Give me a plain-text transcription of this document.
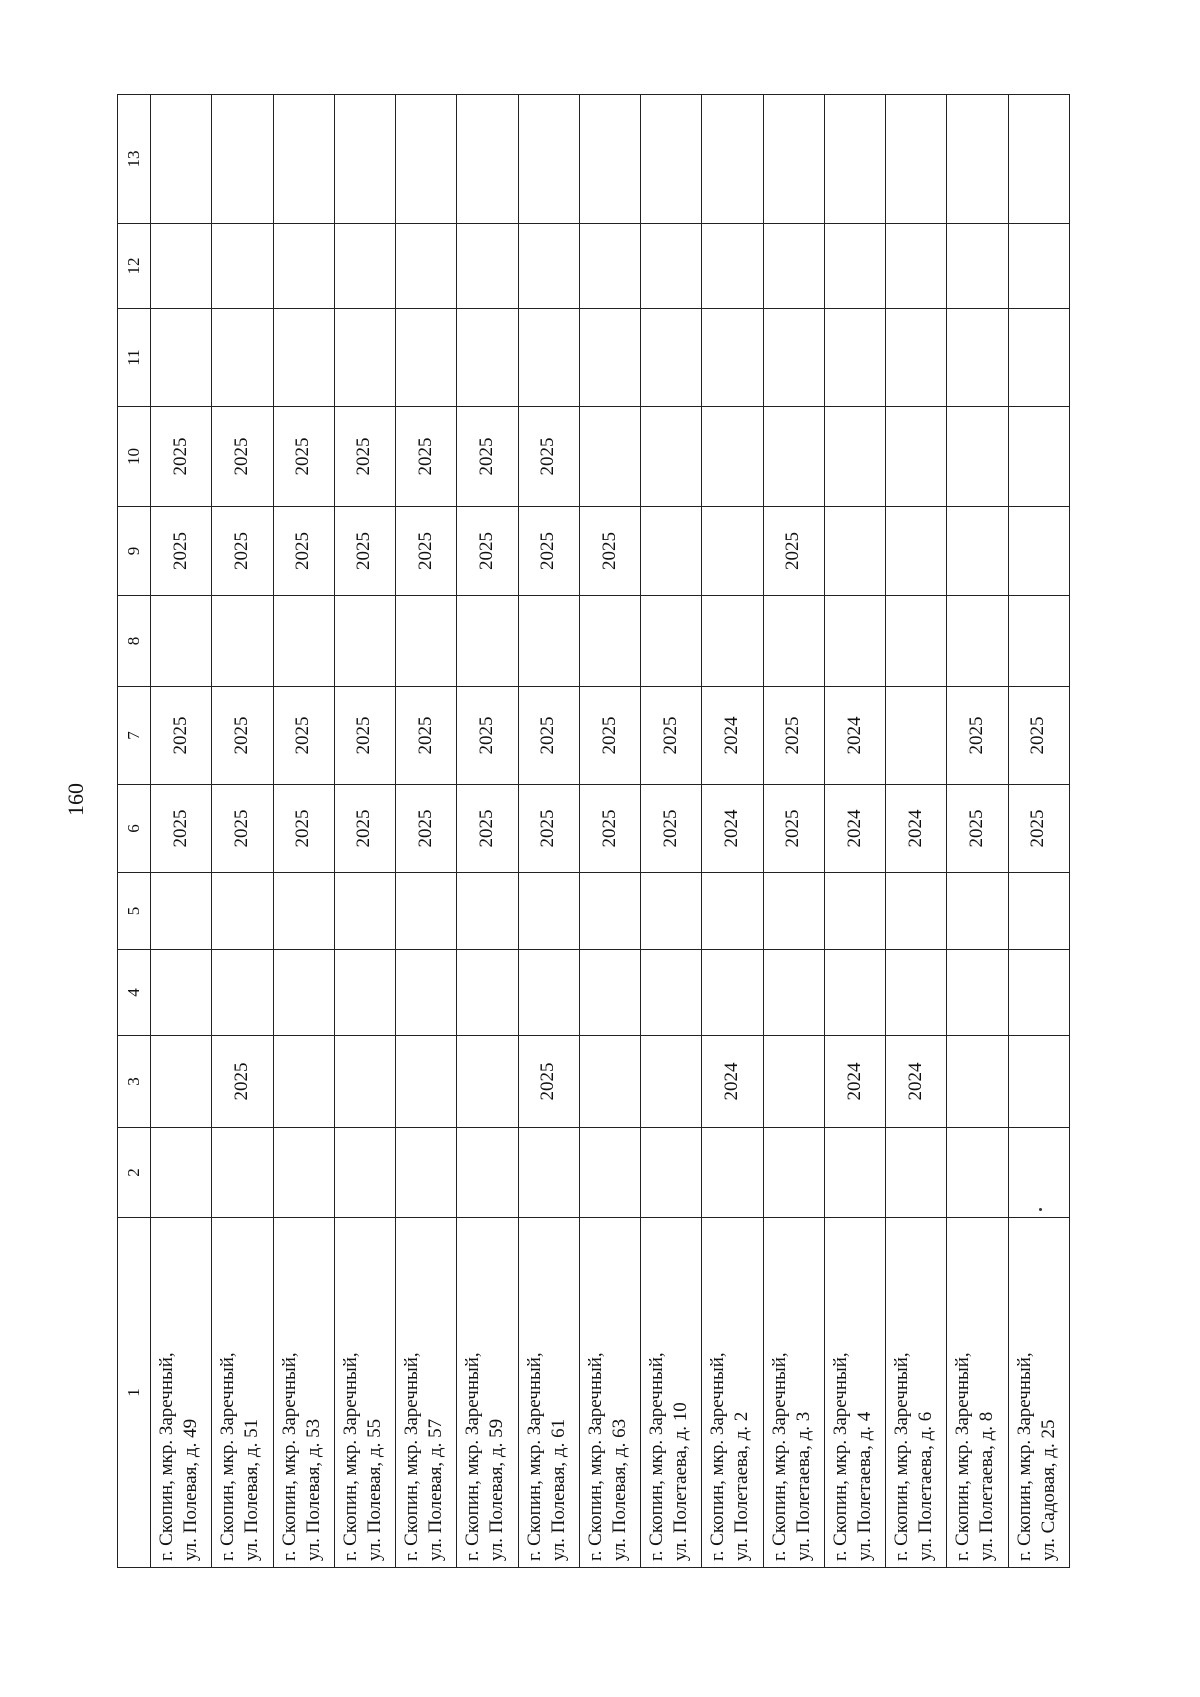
160
1	2	3	4	5	6	7	8	9	10	11	12	13

г. Скопин, мкр. Заречный, ул. Полевая, д. 49					2025	2025		2025	2025			

г. Скопин, мкр. Заречный, ул. Полевая, д. 51		2025			2025	2025		2025	2025			

г. Скопин, мкр. Заречный, ул. Полевая, д. 53					2025	2025		2025	2025			

г. Скопин, мкр. Заречный, ул. Полевая, д. 55					2025	2025		2025	2025			

г. Скопин, мкр. Заречный, ул. Полевая, д. 57					2025	2025		2025	2025			

г. Скопин, мкр. Заречный, ул. Полевая, д. 59					2025	2025		2025	2025			

г. Скопин, мкр. Заречный, ул. Полевая, д. 61		2025			2025	2025		2025	2025			

г. Скопин, мкр. Заречный, ул. Полевая, д. 63					2025	2025		2025				

г. Скопин, мкр. Заречный, ул. Полетаева, д. 10					2025	2025						

г. Скопин, мкр. Заречный, ул. Полетаева, д. 2		2024			2024	2024						

г. Скопин, мкр. Заречный, ул. Полетаева, д. 3					2025	2025		2025				

г. Скопин, мкр. Заречный, ул. Полетаева, д. 4		2024			2024	2024						

г. Скопин, мкр. Заречный, ул. Полетаева, д. 6		2024			2024							

г. Скопин, мкр. Заречный, ул. Полетаева, д. 8					2025	2025						

г. Скопин, мкр. Заречный, ул. Садовая, д. 25					2025	2025						
